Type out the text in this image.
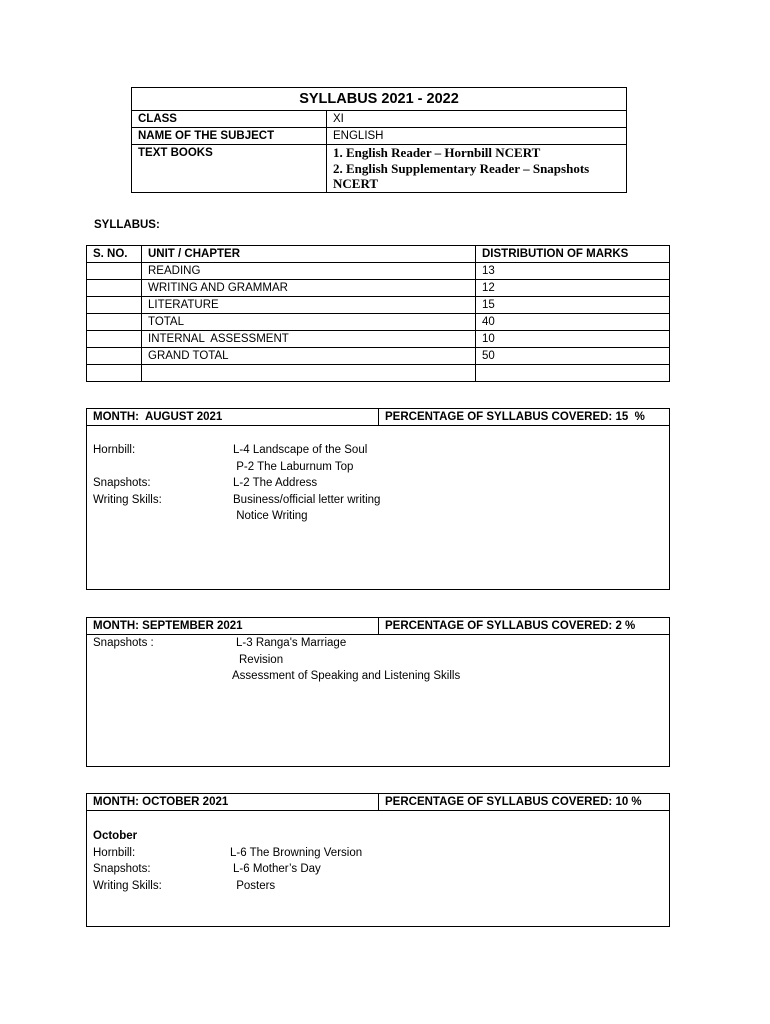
SYLLABUS 2021 - 2022	
CLASS	XI
NAME OF THE SUBJECT	ENGLISH
TEXT BOOKS	1. English Reader – Hornbill NCERT
2. English Supplementary Reader – Snapshots NCERT
SYLLABUS:
S. NO.	UNIT / CHAPTER	DISTRIBUTION OF MARKS
	READING	13
	WRITING AND GRAMMAR	12
	LITERATURE	15
	TOTAL	40
	INTERNAL  ASSESSMENT	10
	GRAND TOTAL	50

MONTH:  AUGUST 2021	PERCENTAGE OF SYLLABUS COVERED: 15  %

Hornbill:	L-4 Landscape of the Soul
P-2 The Laburnum Top
Snapshots:	L-2 The Address
Writing Skills:	Business/official letter writing
Notice Writing
MONTH: SEPTEMBER 2021	PERCENTAGE OF SYLLABUS COVERED: 2 %

Snapshots :	L-3 Ranga's Marriage
Revision
Assessment of Speaking and Listening Skills
MONTH: OCTOBER 2021	PERCENTAGE OF SYLLABUS COVERED: 10 %

October
Hornbill:	L-6 The Browning Version
Snapshots:	L-6 Mother’s Day
Writing Skills:	Posters
